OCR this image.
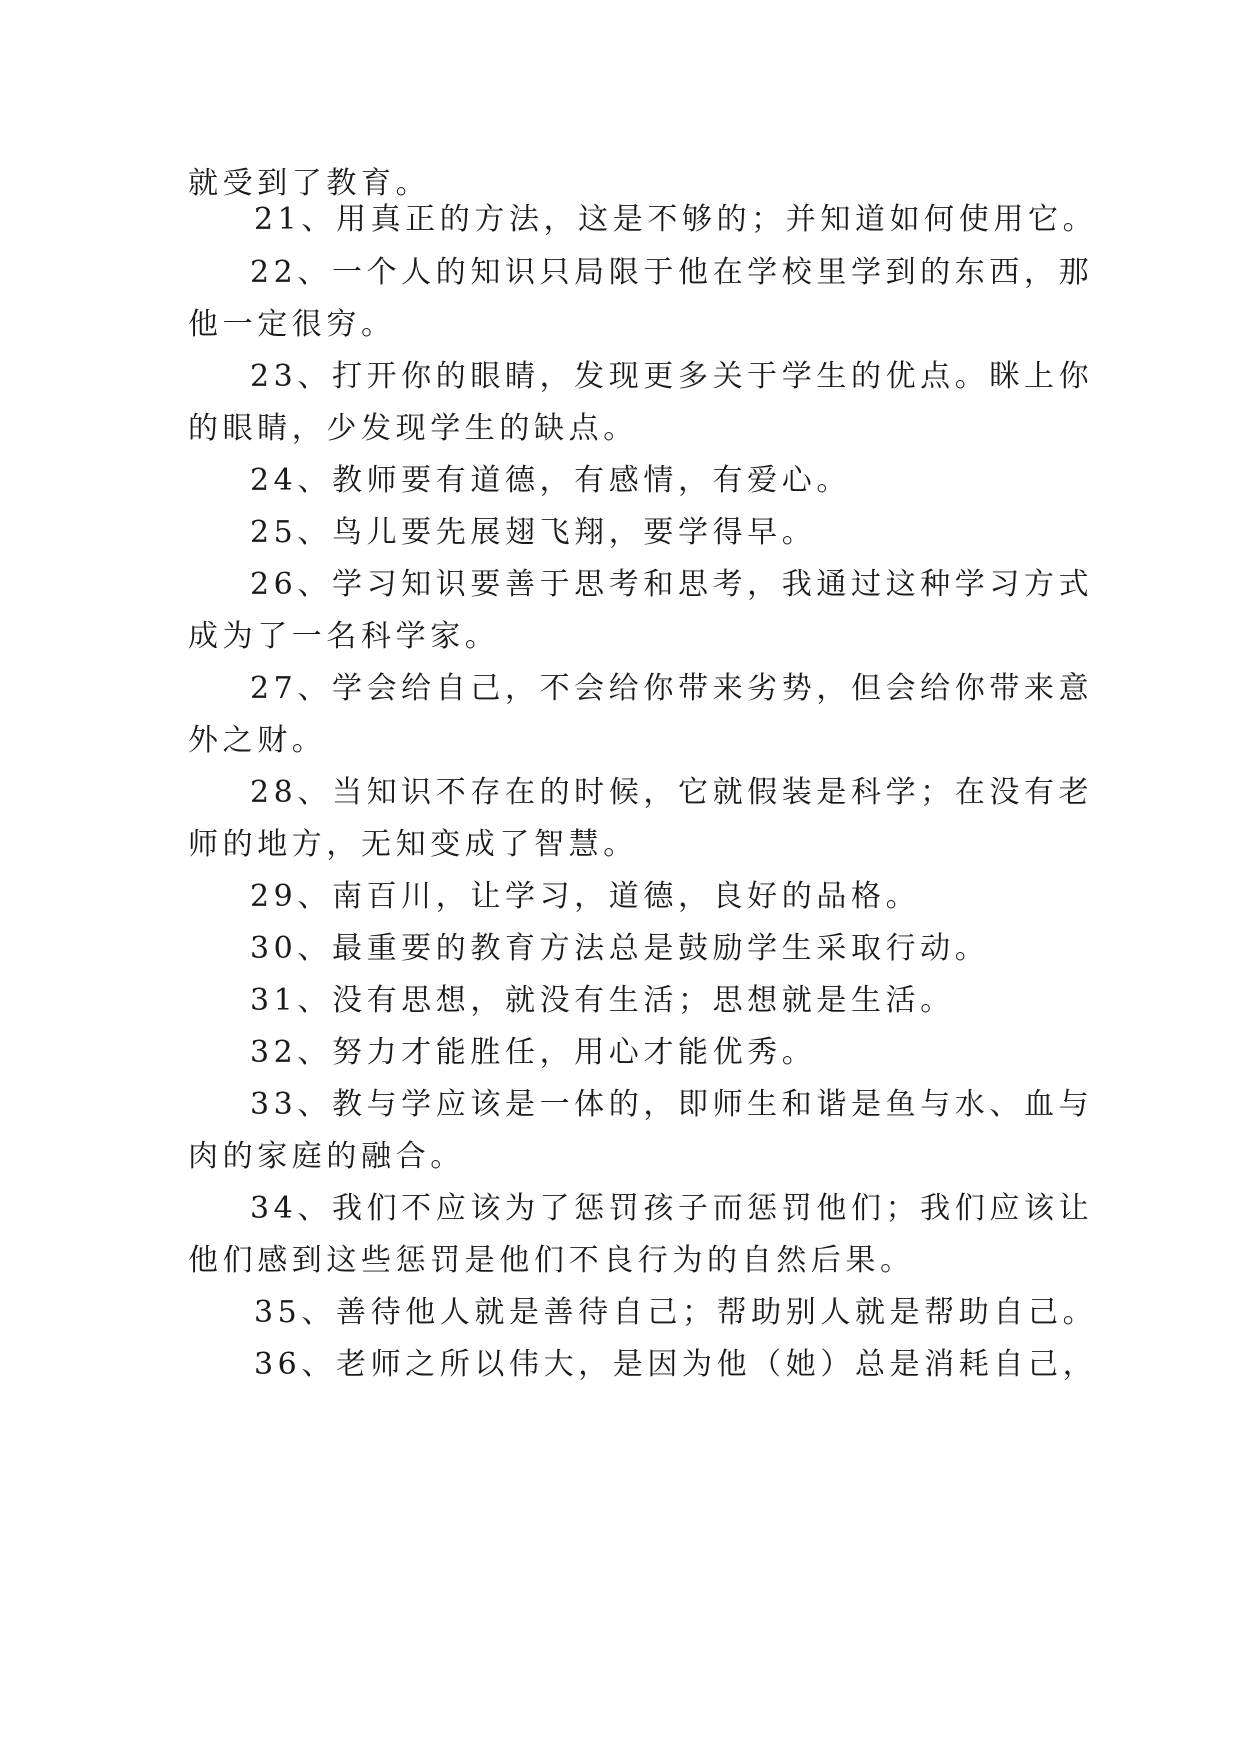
就受到了教育。
21、用真正的方法，这是不够的；并知道如何使用它。
22、一个人的知识只局限于他在学校里学到的东西，那
他一定很穷。
23、打开你的眼睛，发现更多关于学生的优点。眯上你
的眼睛，少发现学生的缺点。
24、教师要有道德，有感情，有爱心。
25、鸟儿要先展翅飞翔，要学得早。
26、学习知识要善于思考和思考，我通过这种学习方式
成为了一名科学家。
27、学会给自己，不会给你带来劣势，但会给你带来意
外之财。
28、当知识不存在的时候，它就假装是科学；在没有老
师的地方，无知变成了智慧。
29、南百川，让学习，道德，良好的品格。
30、最重要的教育方法总是鼓励学生采取行动。
31、没有思想，就没有生活；思想就是生活。
32、努力才能胜任，用心才能优秀。
33、教与学应该是一体的，即师生和谐是鱼与水、血与
肉的家庭的融合。
34、我们不应该为了惩罚孩子而惩罚他们；我们应该让
他们感到这些惩罚是他们不良行为的自然后果。
35、善待他人就是善待自己；帮助别人就是帮助自己。
36、老师之所以伟大，是因为他（她）总是消耗自己，
